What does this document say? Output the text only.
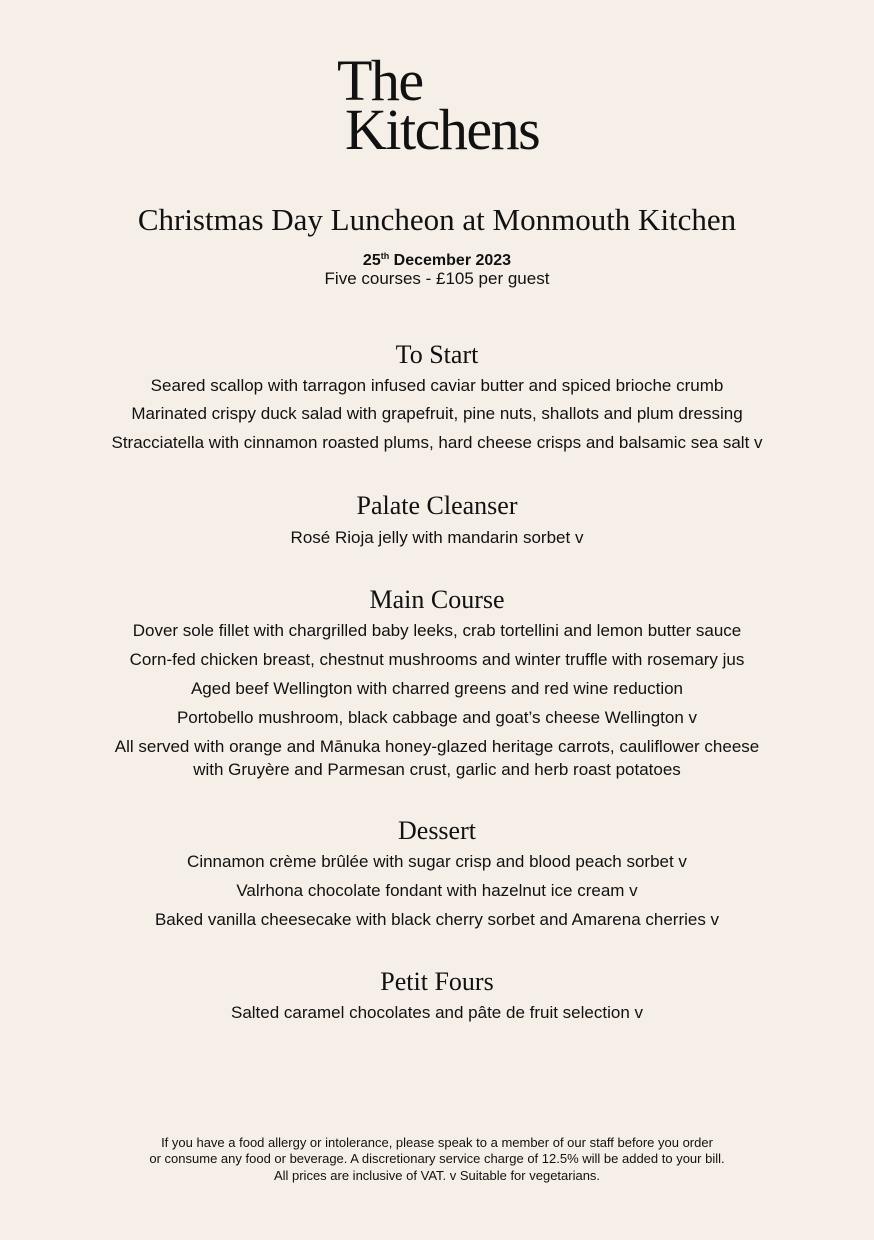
The
Kitchens
Christmas Day Luncheon at Monmouth Kitchen
25th December 2023
Five courses - £105 per guest
To Start
Seared scallop with tarragon infused caviar butter and spiced brioche crumb
Marinated crispy duck salad with grapefruit, pine nuts, shallots and plum dressing
Stracciatella with cinnamon roasted plums, hard cheese crisps and balsamic sea salt v
Palate Cleanser
Rosé Rioja jelly with mandarin sorbet v
Main Course
Dover sole fillet with chargrilled baby leeks, crab tortellini and lemon butter sauce
Corn-fed chicken breast, chestnut mushrooms and winter truffle with rosemary jus
Aged beef Wellington with charred greens and red wine reduction
Portobello mushroom, black cabbage and goat’s cheese Wellington v
All served with orange and Mānuka honey-glazed heritage carrots, cauliflower cheese
with Gruyère and Parmesan crust, garlic and herb roast potatoes
Dessert
Cinnamon crème brûlée with sugar crisp and blood peach sorbet v
Valrhona chocolate fondant with hazelnut ice cream v
Baked vanilla cheesecake with black cherry sorbet and Amarena cherries v
Petit Fours
Salted caramel chocolates and pâte de fruit selection v
If you have a food allergy or intolerance, please speak to a member of our staff before you order
or consume any food or beverage. A discretionary service charge of 12.5% will be added to your bill.
All prices are inclusive of VAT. v Suitable for vegetarians.
